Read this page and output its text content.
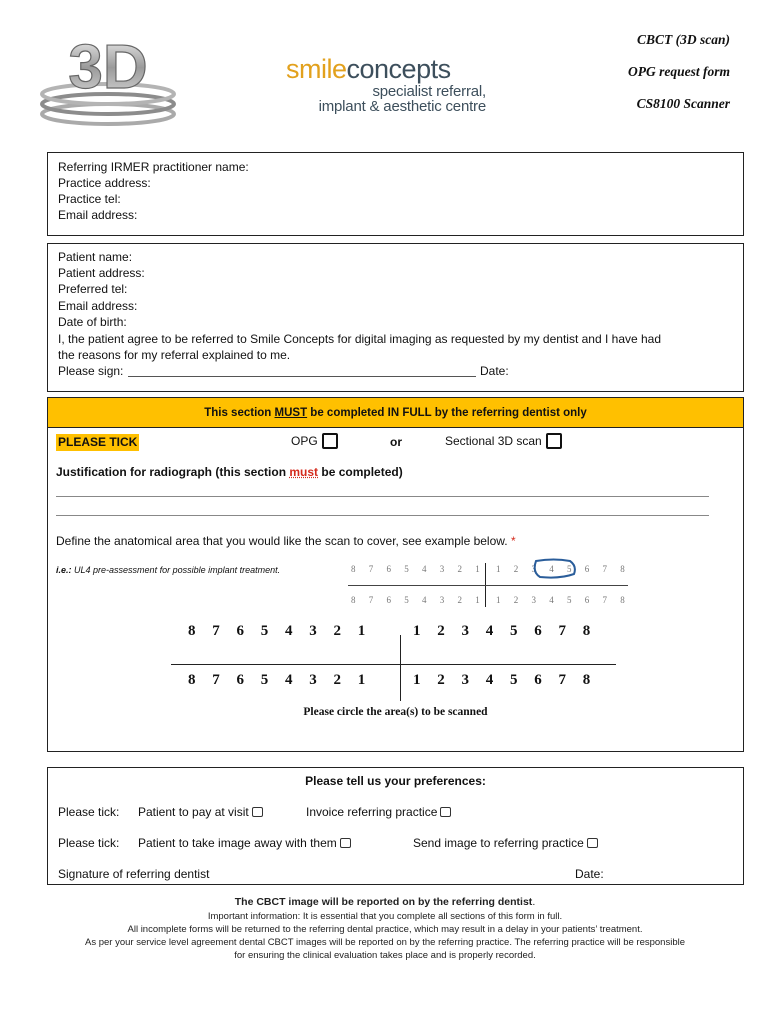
3D	smileconcepts
specialist referral,
implant & aesthetic centre
CBCT (3D scan)
OPG request form
CS8100 Scanner
Referring IRMER practitioner name:
Practice address:
Practice tel:
Email address:
Patient name:
Patient address:
Preferred tel:
Email address:
Date of birth:
I, the patient agree to be referred to Smile Concepts for digital imaging as requested by my dentist and I have had
the reasons for my referral explained to me.
Please sign:	Date:
This section MUST be completed IN FULL by the referring dentist only
PLEASE TICK	OPG	or	Sectional 3D scan
Justification for radiograph (this section must be completed)
Define the anatomical area that you would like the scan to cover, see example below. *
i.e.: UL4 pre-assessment for possible implant treatment.	8 7 6 5 4 3 2 1 1 2 3 4 5 6 7 8
8 7 6 5 4 3 2 1 1 2 3 4 5 6 7 8
8 7 6 5 4 3 2 1	1 2 3 4 5 6 7 8
8 7 6 5 4 3 2 1	1 2 3 4 5 6 7 8
Please circle the area(s) to be scanned
Please tell us your preferences:
Please tick: Patient to pay at visit	Invoice referring practice
Please tick: Patient to take image away with them	Send image to referring practice
Signature of referring dentist	Date:
The CBCT image will be reported on by the referring dentist.
Important information: It is essential that you complete all sections of this form in full.
All incomplete forms will be returned to the referring dental practice, which may result in a delay in your patients’ treatment.
As per your service level agreement dental CBCT images will be reported on by the referring practice. The referring practice will be responsible
for ensuring the clinical evaluation takes place and is properly recorded.
